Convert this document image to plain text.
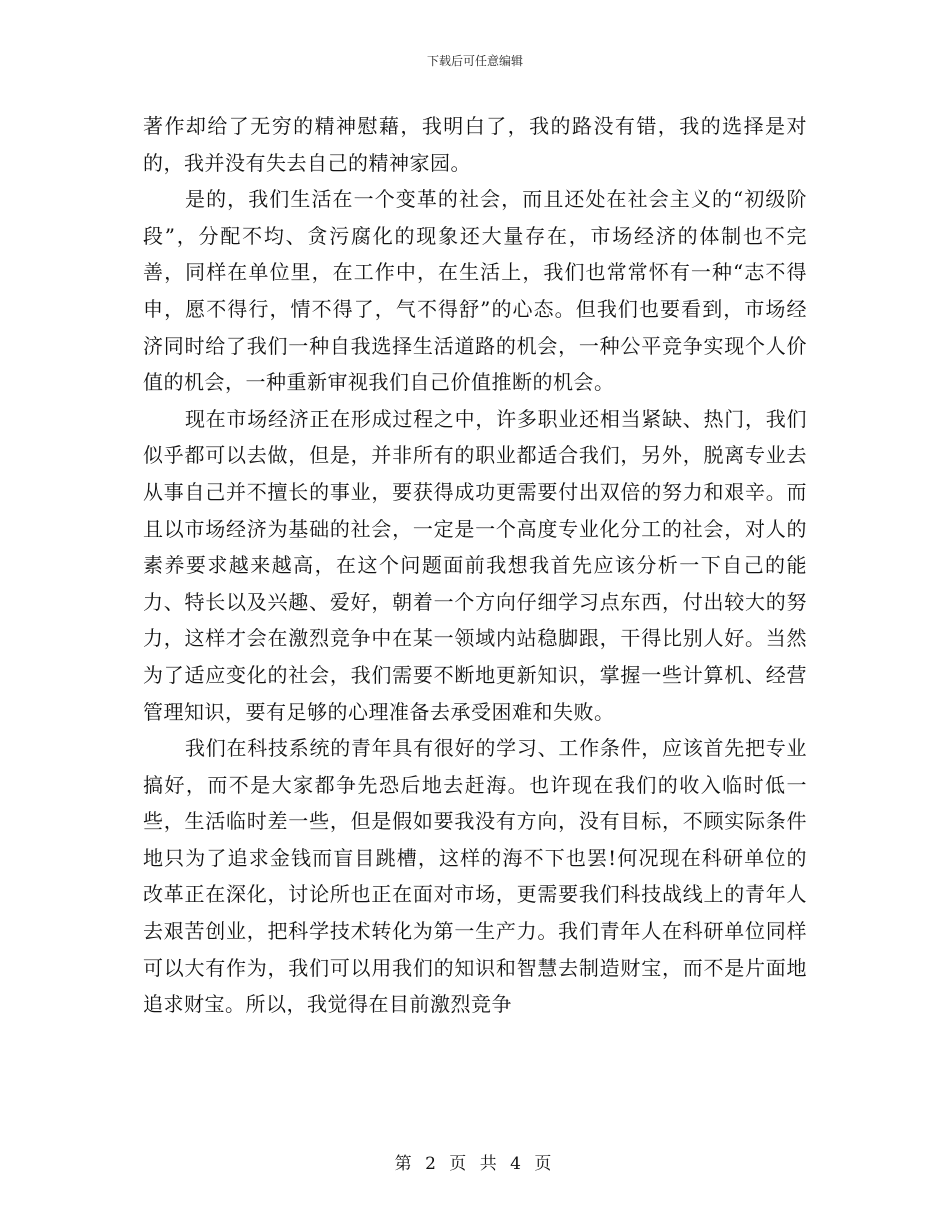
下载后可任意编辑

著作却给了无穷的精神慰藉，我明白了，我的路没有错，我的选择是对的，我并没有失去自己的精神家园。

是的，我们生活在一个变革的社会，而且还处在社会主义的“初级阶段”，分配不均、贪污腐化的现象还大量存在，市场经济的体制也不完善，同样在单位里，在工作中，在生活上，我们也常常怀有一种“志不得申，愿不得行，情不得了，气不得舒”的心态。但我们也要看到，市场经济同时给了我们一种自我选择生活道路的机会，一种公平竞争实现个人价值的机会，一种重新审视我们自己价值推断的机会。

现在市场经济正在形成过程之中，许多职业还相当紧缺、热门，我们似乎都可以去做，但是，并非所有的职业都适合我们，另外，脱离专业去从事自己并不擅长的事业，要获得成功更需要付出双倍的努力和艰辛。而且以市场经济为基础的社会，一定是一个高度专业化分工的社会，对人的素养要求越来越高，在这个问题面前我想我首先应该分析一下自己的能力、特长以及兴趣、爱好，朝着一个方向仔细学习点东西，付出较大的努力，这样才会在激烈竞争中在某一领域内站稳脚跟，干得比别人好。当然为了适应变化的社会，我们需要不断地更新知识，掌握一些计算机、经营管理知识，要有足够的心理准备去承受困难和失败。

我们在科技系统的青年具有很好的学习、工作条件，应该首先把专业搞好，而不是大家都争先恐后地去赶海。也许现在我们的收入临时低一些，生活临时差一些，但是假如要我没有方向，没有目标，不顾实际条件地只为了追求金钱而盲目跳槽，这样的海不下也罢!何况现在科研单位的改革正在深化，讨论所也正在面对市场，更需要我们科技战线上的青年人去艰苦创业，把科学技术转化为第一生产力。我们青年人在科研单位同样可以大有作为，我们可以用我们的知识和智慧去制造财宝，而不是片面地追求财宝。所以，我觉得在目前激烈竞争

第 2 页 共 4 页
